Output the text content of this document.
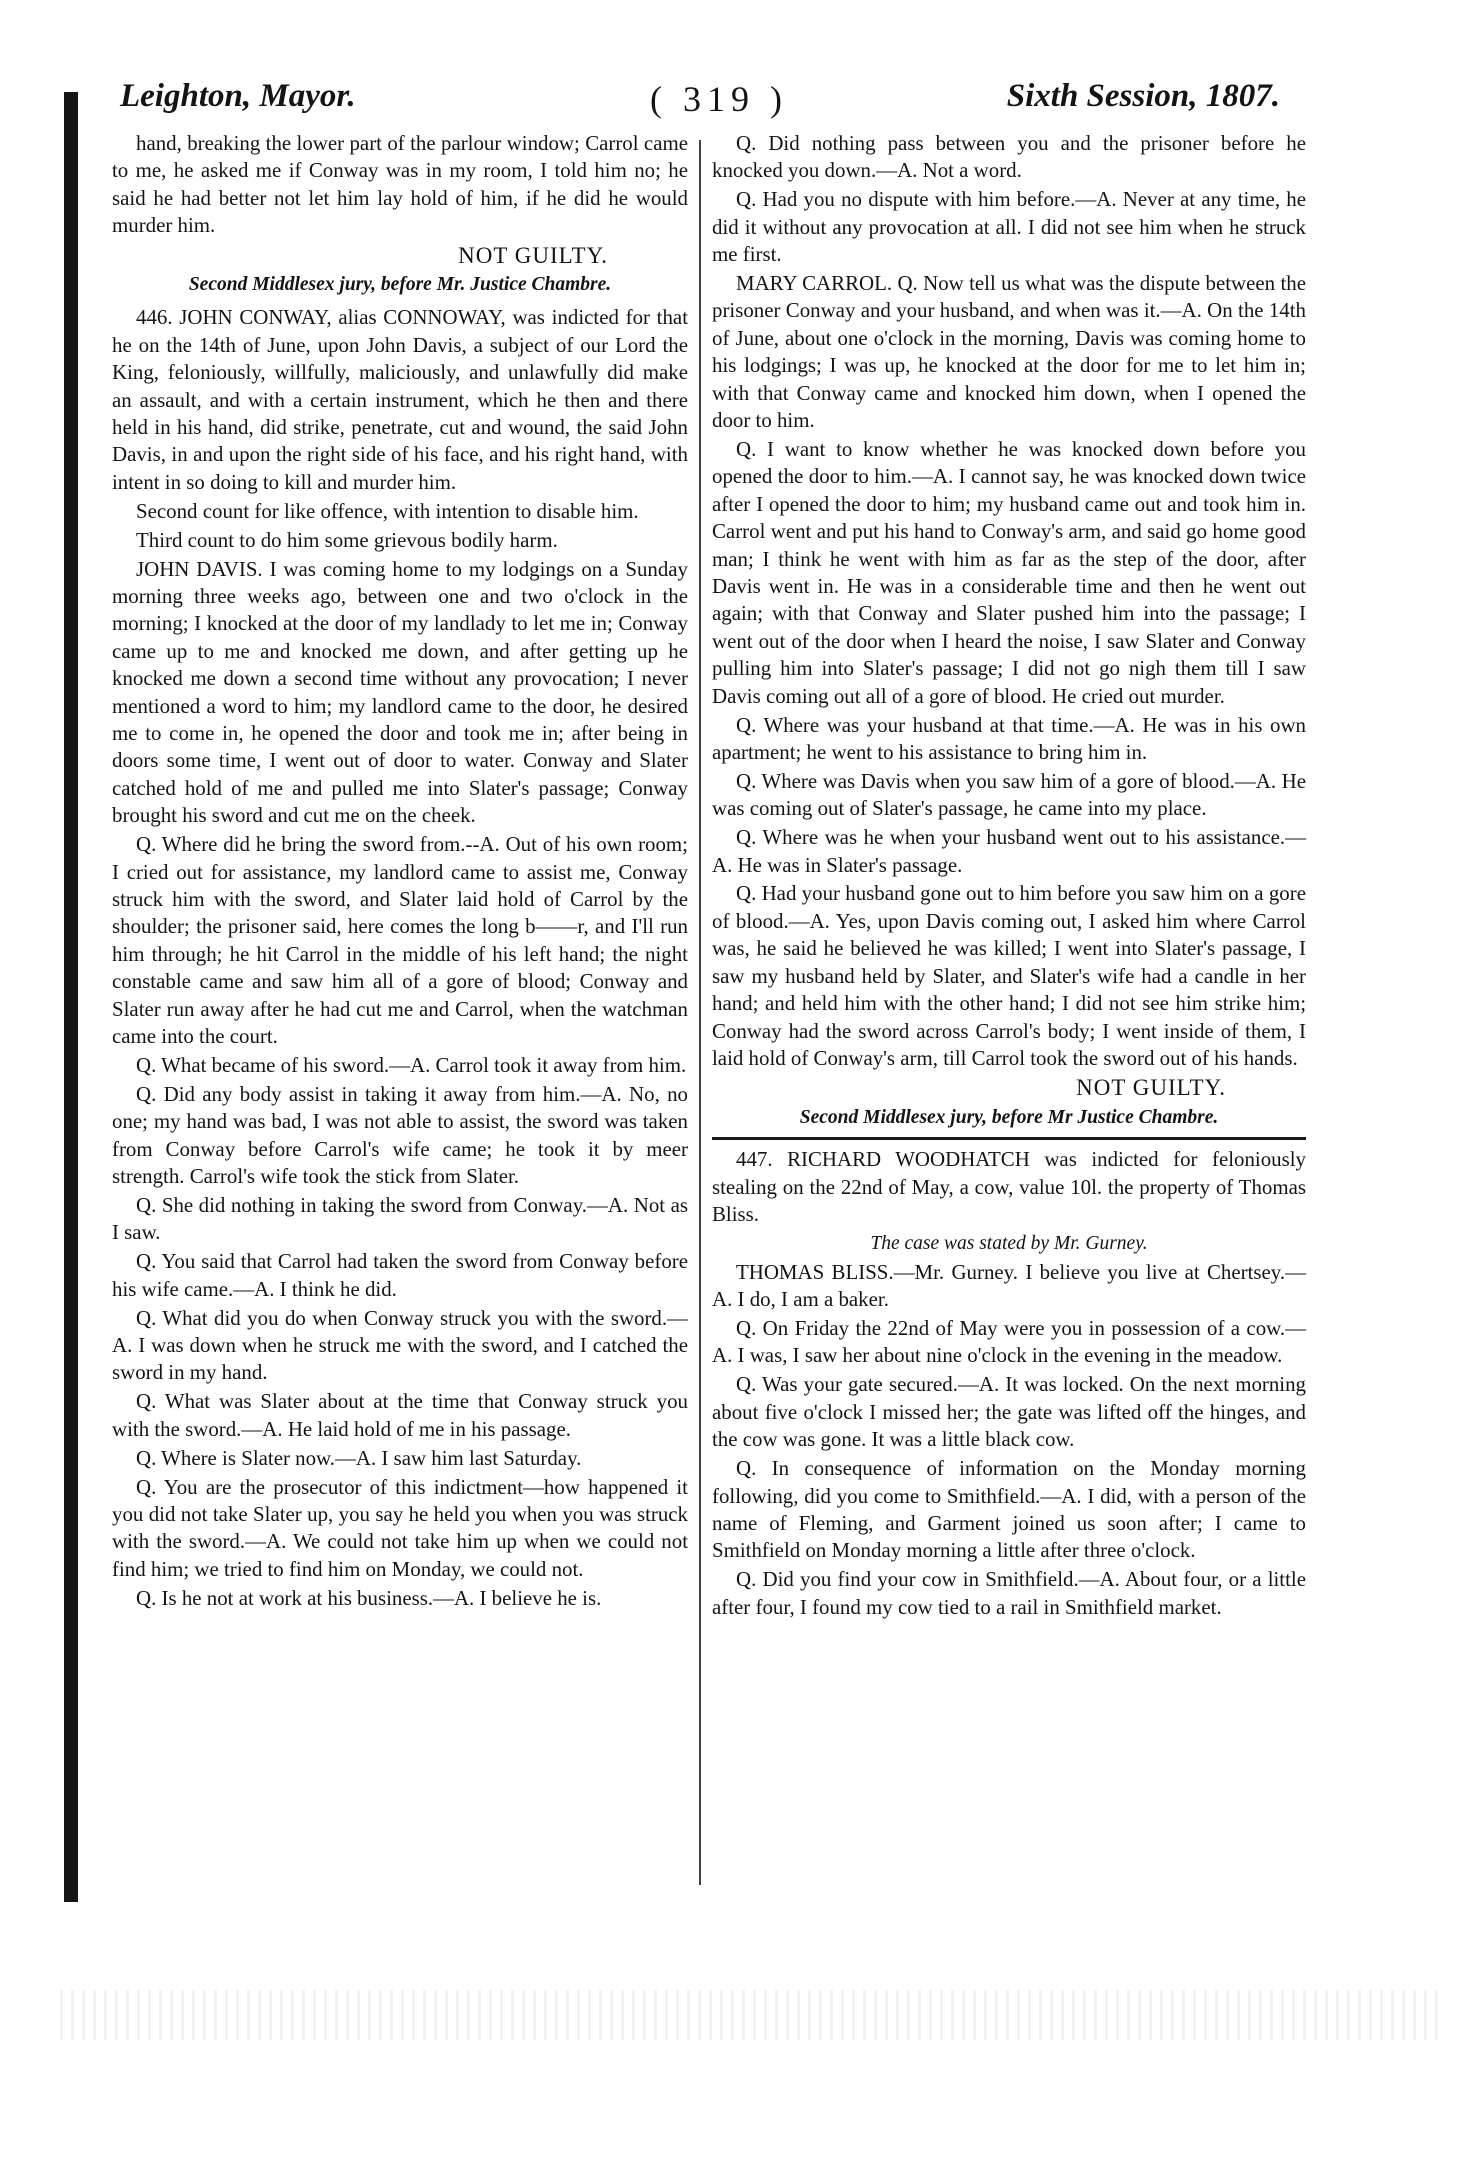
Leighton, Mayor.	( 319 )	Sixth Session, 1807.

hand, breaking the lower part of the parlour window; Carrol came to me, he asked me if Conway was in my room, I told him no; he said he had better not let him lay hold of him, if he did he would murder him.

NOT GUILTY.

Second Middlesex jury, before Mr. Justice Chambre.

446. JOHN CONWAY, alias CONNOWAY, was indicted for that he on the 14th of June, upon John Davis, a subject of our Lord the King, feloniously, willfully, maliciously, and unlawfully did make an assault, and with a certain instrument, which he then and there held in his hand, did strike, penetrate, cut and wound, the said John Davis, in and upon the right side of his face, and his right hand, with intent in so doing to kill and murder him.

Second count for like offence, with intention to disable him.

Third count to do him some grievous bodily harm.

JOHN DAVIS. I was coming home to my lodgings on a Sunday morning three weeks ago, between one and two o'clock in the morning; I knocked at the door of my landlady to let me in; Conway came up to me and knocked me down, and after getting up he knocked me down a second time without any provocation; I never mentioned a word to him; my landlord came to the door, he desired me to come in, he opened the door and took me in; after being in doors some time, I went out of door to water. Conway and Slater catched hold of me and pulled me into Slater's passage; Conway brought his sword and cut me on the cheek.

Q. Where did he bring the sword from.--A. Out of his own room; I cried out for assistance, my landlord came to assist me, Conway struck him with the sword, and Slater laid hold of Carrol by the shoulder; the prisoner said, here comes the long b——r, and I'll run him through; he hit Carrol in the middle of his left hand; the night constable came and saw him all of a gore of blood; Conway and Slater run away after he had cut me and Carrol, when the watchman came into the court.

Q. What became of his sword.—A. Carrol took it away from him.

Q. Did any body assist in taking it away from him.—A. No, no one; my hand was bad, I was not able to assist, the sword was taken from Conway before Carrol's wife came; he took it by meer strength. Carrol's wife took the stick from Slater.

Q. She did nothing in taking the sword from Conway.—A. Not as I saw.

Q. You said that Carrol had taken the sword from Conway before his wife came.—A. I think he did.

Q. What did you do when Conway struck you with the sword.—A. I was down when he struck me with the sword, and I catched the sword in my hand.

Q. What was Slater about at the time that Conway struck you with the sword.—A. He laid hold of me in his passage.

Q. Where is Slater now.—A. I saw him last Saturday.

Q. You are the prosecutor of this indictment—how happened it you did not take Slater up, you say he held you when you was struck with the sword.—A. We could not take him up when we could not find him; we tried to find him on Monday, we could not.

Q. Is he not at work at his business.—A. I believe he is.

Q. Did nothing pass between you and the prisoner before he knocked you down.—A. Not a word.

Q. Had you no dispute with him before.—A. Never at any time, he did it without any provocation at all. I did not see him when he struck me first.

MARY CARROL. Q. Now tell us what was the dispute between the prisoner Conway and your husband, and when was it.—A. On the 14th of June, about one o'clock in the morning, Davis was coming home to his lodgings; I was up, he knocked at the door for me to let him in; with that Conway came and knocked him down, when I opened the door to him.

Q. I want to know whether he was knocked down before you opened the door to him.—A. I cannot say, he was knocked down twice after I opened the door to him; my husband came out and took him in. Carrol went and put his hand to Conway's arm, and said go home good man; I think he went with him as far as the step of the door, after Davis went in. He was in a considerable time and then he went out again; with that Conway and Slater pushed him into the passage; I went out of the door when I heard the noise, I saw Slater and Conway pulling him into Slater's passage; I did not go nigh them till I saw Davis coming out all of a gore of blood. He cried out murder.

Q. Where was your husband at that time.—A. He was in his own apartment; he went to his assistance to bring him in.

Q. Where was Davis when you saw him of a gore of blood.—A. He was coming out of Slater's passage, he came into my place.

Q. Where was he when your husband went out to his assistance.—A. He was in Slater's passage.

Q. Had your husband gone out to him before you saw him on a gore of blood.—A. Yes, upon Davis coming out, I asked him where Carrol was, he said he believed he was killed; I went into Slater's passage, I saw my husband held by Slater, and Slater's wife had a candle in her hand; and held him with the other hand; I did not see him strike him; Conway had the sword across Carrol's body; I went inside of them, I laid hold of Conway's arm, till Carrol took the sword out of his hands.

NOT GUILTY.

Second Middlesex jury, before Mr Justice Chambre.

447. RICHARD WOODHATCH was indicted for feloniously stealing on the 22nd of May, a cow, value 10l. the property of Thomas Bliss.

The case was stated by Mr. Gurney.

THOMAS BLISS.—Mr. Gurney. I believe you live at Chertsey.—A. I do, I am a baker.

Q. On Friday the 22nd of May were you in possession of a cow.—A. I was, I saw her about nine o'clock in the evening in the meadow.

Q. Was your gate secured.—A. It was locked. On the next morning about five o'clock I missed her; the gate was lifted off the hinges, and the cow was gone. It was a little black cow.

Q. In consequence of information on the Monday morning following, did you come to Smithfield.—A. I did, with a person of the name of Fleming, and Garment joined us soon after; I came to Smithfield on Monday morning a little after three o'clock.

Q. Did you find your cow in Smithfield.—A. About four, or a little after four, I found my cow tied to a rail in Smithfield market.
